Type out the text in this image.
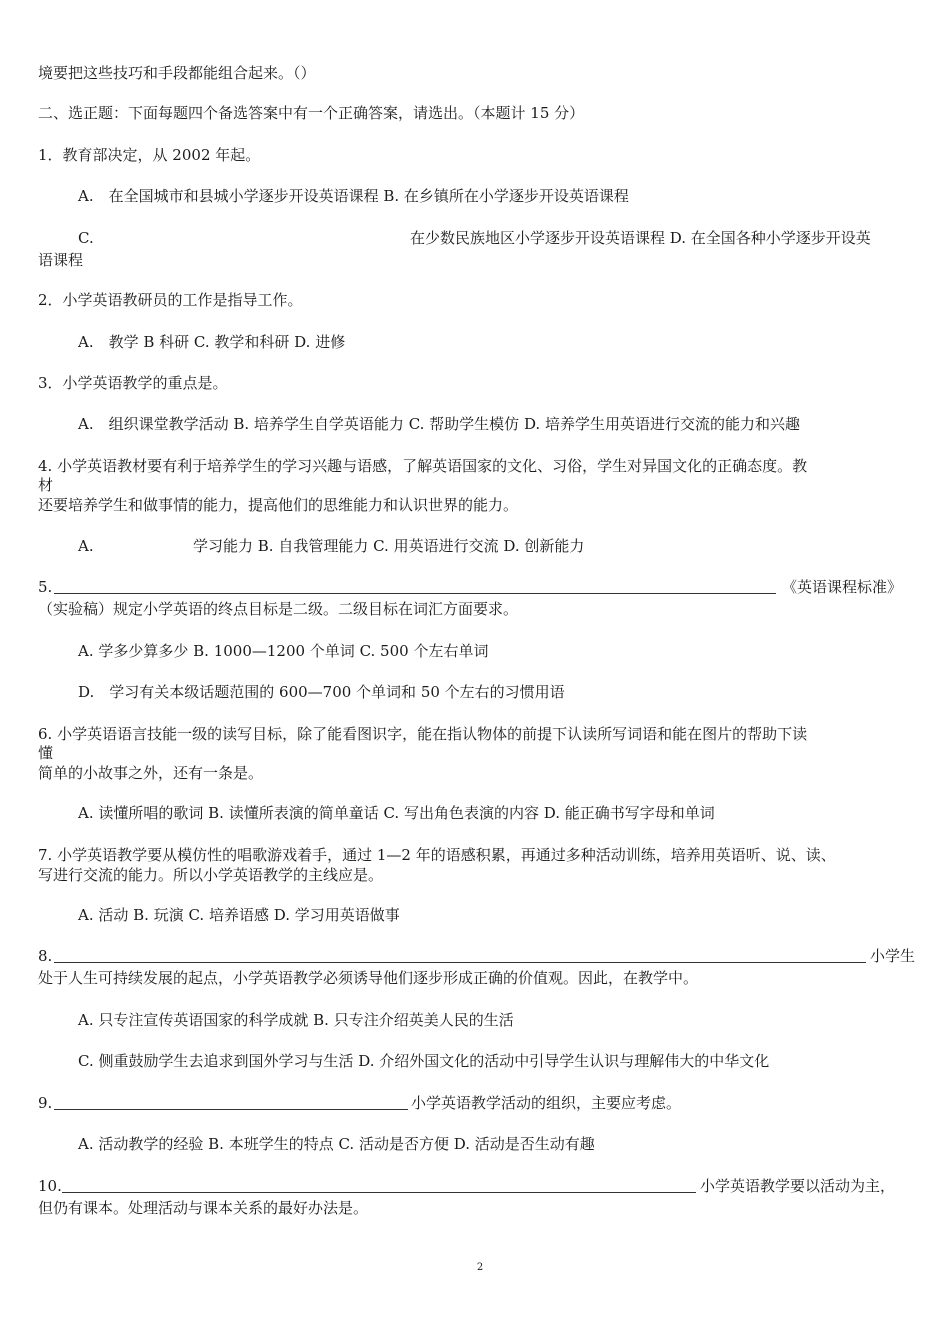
境要把这些技巧和手段都能组合起来。（）
二、选正题：下面每题四个备选答案中有一个正确答案，请选出。（本题计 15 分）
1．教育部决定，从 2002 年起。
A.　在全国城市和县城小学逐步开设英语课程 B. 在乡镇所在小学逐步开设英语课程
C.	在少数民族地区小学逐步开设英语课程 D. 在全国各种小学逐步开设英
语课程
2．小学英语教研员的工作是指导工作。
A.　教学 B 科研 C. 教学和科研 D. 进修
3．小学英语教学的重点是。
A.　组织课堂教学活动 B. 培养学生自学英语能力 C. 帮助学生模仿 D. 培养学生用英语进行交流的能力和兴趣
4. 小学英语教材要有利于培养学生的学习兴趣与语感，了解英语国家的文化、习俗，学生对异国文化的正确态度。教
材
还要培养学生和做事情的能力，提高他们的思维能力和认识世界的能力。
A.	学习能力 B. 自我管理能力 C. 用英语进行交流 D. 创新能力
5.	《英语课程标准》
（实验稿）规定小学英语的终点目标是二级。二级目标在词汇方面要求。
A. 学多少算多少 B. 1000—1200 个单词 C. 500 个左右单词
D.　学习有关本级话题范围的 600—700 个单词和 50 个左右的习惯用语
6. 小学英语语言技能一级的读写目标，除了能看图识字，能在指认物体的前提下认读所写词语和能在图片的帮助下读
懂
简单的小故事之外，还有一条是。
A. 读懂所唱的歌词 B. 读懂所表演的简单童话 C. 写出角色表演的内容 D. 能正确书写字母和单词
7. 小学英语教学要从模仿性的唱歌游戏着手，通过 1—2 年的语感积累，再通过多种活动训练，培养用英语听、说、读、
写进行交流的能力。所以小学英语教学的主线应是。
A. 活动 B. 玩演 C. 培养语感 D. 学习用英语做事
8.	小学生
处于人生可持续发展的起点，小学英语教学必须诱导他们逐步形成正确的价值观。因此，在教学中。
A. 只专注宣传英语国家的科学成就 B. 只专注介绍英美人民的生活
C. 侧重鼓励学生去追求到国外学习与生活 D. 介绍外国文化的活动中引导学生认识与理解伟大的中华文化
9.	小学英语教学活动的组织，主要应考虑。
A. 活动教学的经验 B. 本班学生的特点 C. 活动是否方便 D. 活动是否生动有趣
10.	小学英语教学要以活动为主，
但仍有课本。处理活动与课本关系的最好办法是。
2
